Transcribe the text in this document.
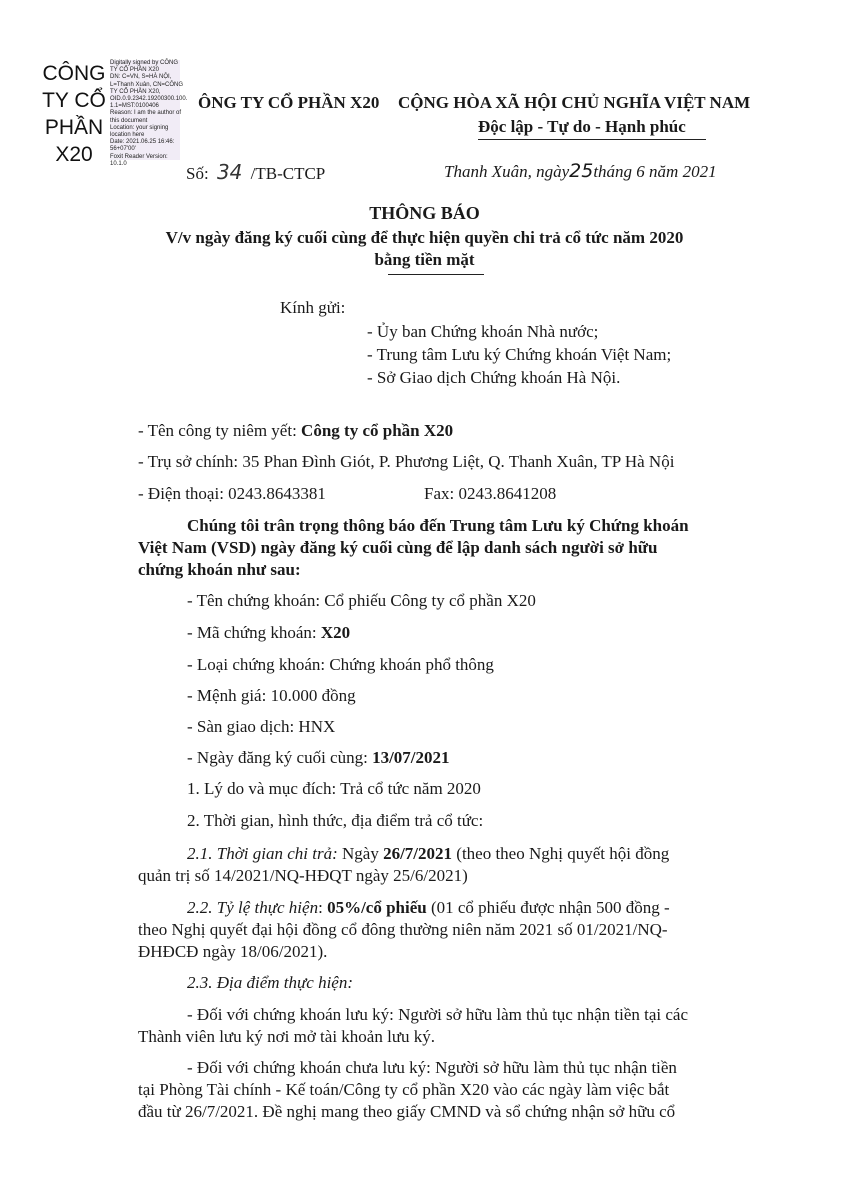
CÔNG
TY CỔ
PHẦN
X20
Digitally signed by CÔNG
TY CỔ PHẦN X20
DN: C=VN, S=HÀ NỘI,
L=Thanh Xuân, CN=CÔNG
TY CỔ PHẦN X20,
OID.0.9.2342.19200300.100.
1.1=MST:0100406
Reason: I am the author of
this document
Location: your signing
location here
Date: 2021.06.25 16:46:
56+07'00'
Foxit Reader Version:
10.1.0
ÔNG TY CỔ PHẦN X20 CỘNG HÒA XÃ HỘI CHỦ NGHĨA VIỆT NAM
Độc lập - Tự do - Hạnh phúc
Số: 34 /TB-CTCP	Thanh Xuân, ngày25tháng 6 năm 2021
THÔNG BÁO
V/v ngày đăng ký cuối cùng để thực hiện quyền chi trả cổ tức năm 2020
bằng tiền mặt
Kính gửi:
- Ủy ban Chứng khoán Nhà nước;
- Trung tâm Lưu ký Chứng khoán Việt Nam;
- Sở Giao dịch Chứng khoán Hà Nội.
- Tên công ty niêm yết: Công ty cổ phần X20
- Trụ sở chính: 35 Phan Đình Giót, P. Phương Liệt, Q. Thanh Xuân, TP Hà Nội
- Điện thoại: 0243.8643381	Fax: 0243.8641208
Chúng tôi trân trọng thông báo đến Trung tâm Lưu ký Chứng khoán
Việt Nam (VSD) ngày đăng ký cuối cùng để lập danh sách người sở hữu
chứng khoán như sau:
- Tên chứng khoán: Cổ phiếu Công ty cổ phần X20
- Mã chứng khoán: X20
- Loại chứng khoán: Chứng khoán phổ thông
- Mệnh giá: 10.000 đồng
- Sàn giao dịch: HNX
- Ngày đăng ký cuối cùng: 13/07/2021
1. Lý do và mục đích: Trả cổ tức năm 2020
2. Thời gian, hình thức, địa điểm trả cổ tức:
2.1. Thời gian chi trả: Ngày 26/7/2021 (theo theo Nghị quyết hội đồng
quản trị số 14/2021/NQ-HĐQT ngày 25/6/2021)
2.2. Tỷ lệ thực hiện: 05%/cổ phiếu (01 cổ phiếu được nhận 500 đồng -
theo Nghị quyết đại hội đồng cổ đông thường niên năm 2021 số 01/2021/NQ-
ĐHĐCĐ ngày 18/06/2021).
2.3. Địa điểm thực hiện:
- Đối với chứng khoán lưu ký: Người sở hữu làm thủ tục nhận tiền tại các
Thành viên lưu ký nơi mở tài khoản lưu ký.
- Đối với chứng khoán chưa lưu ký: Người sở hữu làm thủ tục nhận tiền
tại Phòng Tài chính - Kế toán/Công ty cổ phần X20 vào các ngày làm việc bắt
đầu từ 26/7/2021. Đề nghị mang theo giấy CMND và sổ chứng nhận sở hữu cổ
